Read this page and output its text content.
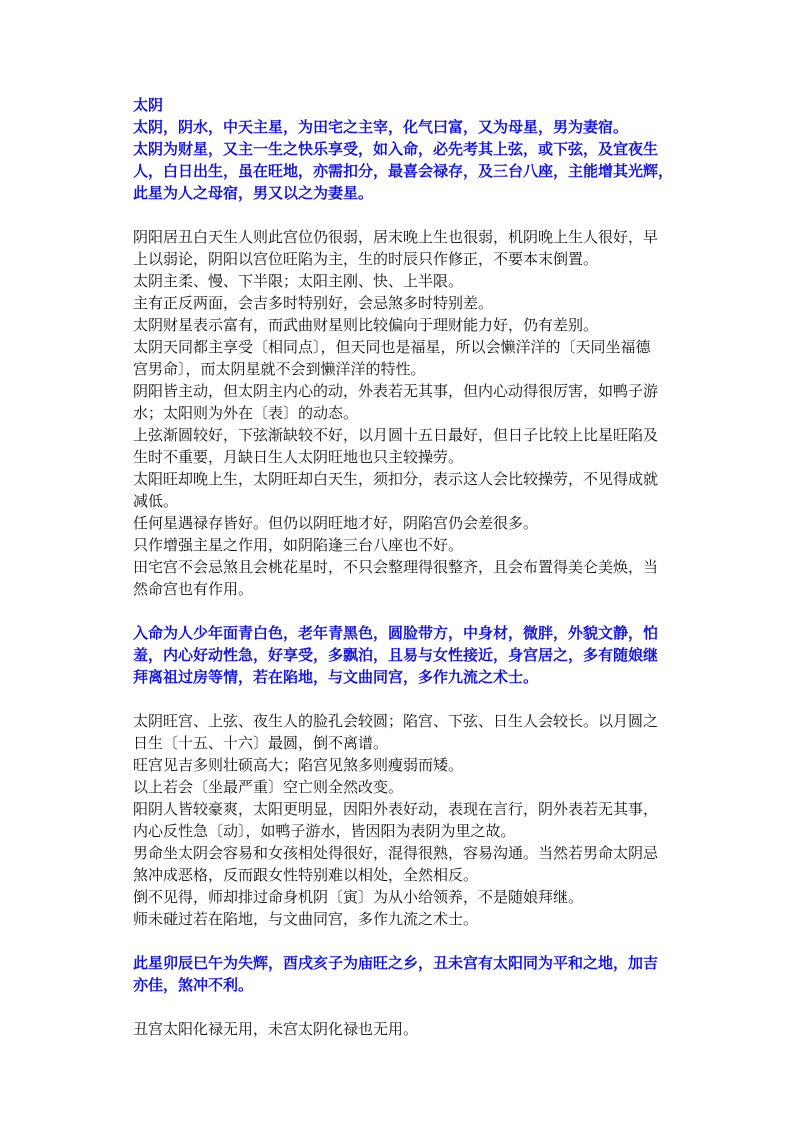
太阴
太阴，阴水，中天主星，为田宅之主宰，化气曰富，又为母星，男为妻宿。
太阴为财星，又主一生之快乐享受，如入命，必先考其上弦，或下弦，及宜夜生
人，白日出生，虽在旺地，亦需扣分，最喜会禄存，及三台八座，主能增其光辉，
此星为人之母宿，男又以之为妻星。
阴阳居丑白天生人则此宫位仍很弱，居末晚上生也很弱，机阴晚上生人很好，早
上以弱论，阴阳以宫位旺陷为主，生的时辰只作修正，不要本末倒置。
太阴主柔、慢、下半限；太阳主刚、快、上半限。
主有正反两面，会吉多时特别好，会忌煞多时特别差。
太阴财星表示富有，而武曲财星则比较偏向于理财能力好，仍有差别。
太阴天同都主享受〔相同点〕，但天同也是福星，所以会懒洋洋的〔天同坐福德
宫男命〕，而太阴星就不会到懒洋洋的特性。
阴阳皆主动，但太阴主内心的动，外表若无其事，但内心动得很厉害，如鸭子游
水；太阳则为外在〔表〕的动态。
上弦渐圆较好，下弦渐缺较不好，以月圆十五日最好，但日子比较上比星旺陷及
生时不重要，月缺日生人太阴旺地也只主较操劳。
太阳旺却晚上生，太阴旺却白天生，须扣分，表示这人会比较操劳，不见得成就
减低。
任何星遇禄存皆好。但仍以阴旺地才好，阴陷宫仍会差很多。
只作增强主星之作用，如阴陷逢三台八座也不好。
田宅宫不会忌煞且会桃花星时，不只会整理得很整齐，且会布置得美仑美焕，当
然命宫也有作用。
入命为人少年面青白色，老年青黑色，圆脸带方，中身材，微胖，外貌文静，怕
羞，内心好动性急，好享受，多飘泊，且易与女性接近，身宫居之，多有随娘继
拜离祖过房等情，若在陷地，与文曲同宫，多作九流之术士。
太阴旺宫、上弦、夜生人的脸孔会较圆；陷宫、下弦、日生人会较长。以月圆之
日生〔十五、十六〕最圆，倒不离谱。
旺宫见吉多则壮硕高大；陷宫见煞多则瘦弱而矮。
以上若会〔坐最严重〕空亡则全然改变。
阳阴人皆较豪爽，太阳更明显，因阳外表好动，表现在言行，阴外表若无其事，
内心反性急〔动〕，如鸭子游水，皆因阳为表阴为里之故。
男命坐太阴会容易和女孩相处得很好，混得很熟，容易沟通。当然若男命太阴忌
煞冲成恶格，反而跟女性特别难以相处，全然相反。
倒不见得，师却排过命身机阴〔寅〕为从小给领养，不是随娘拜继。
师未碰过若在陷地，与文曲同宫，多作九流之术士。
此星卯辰巳午为失辉，酉戌亥子为庙旺之乡，丑未宫有太阳同为平和之地，加吉
亦佳，煞冲不利。
丑宫太阳化禄无用，未宫太阴化禄也无用。
